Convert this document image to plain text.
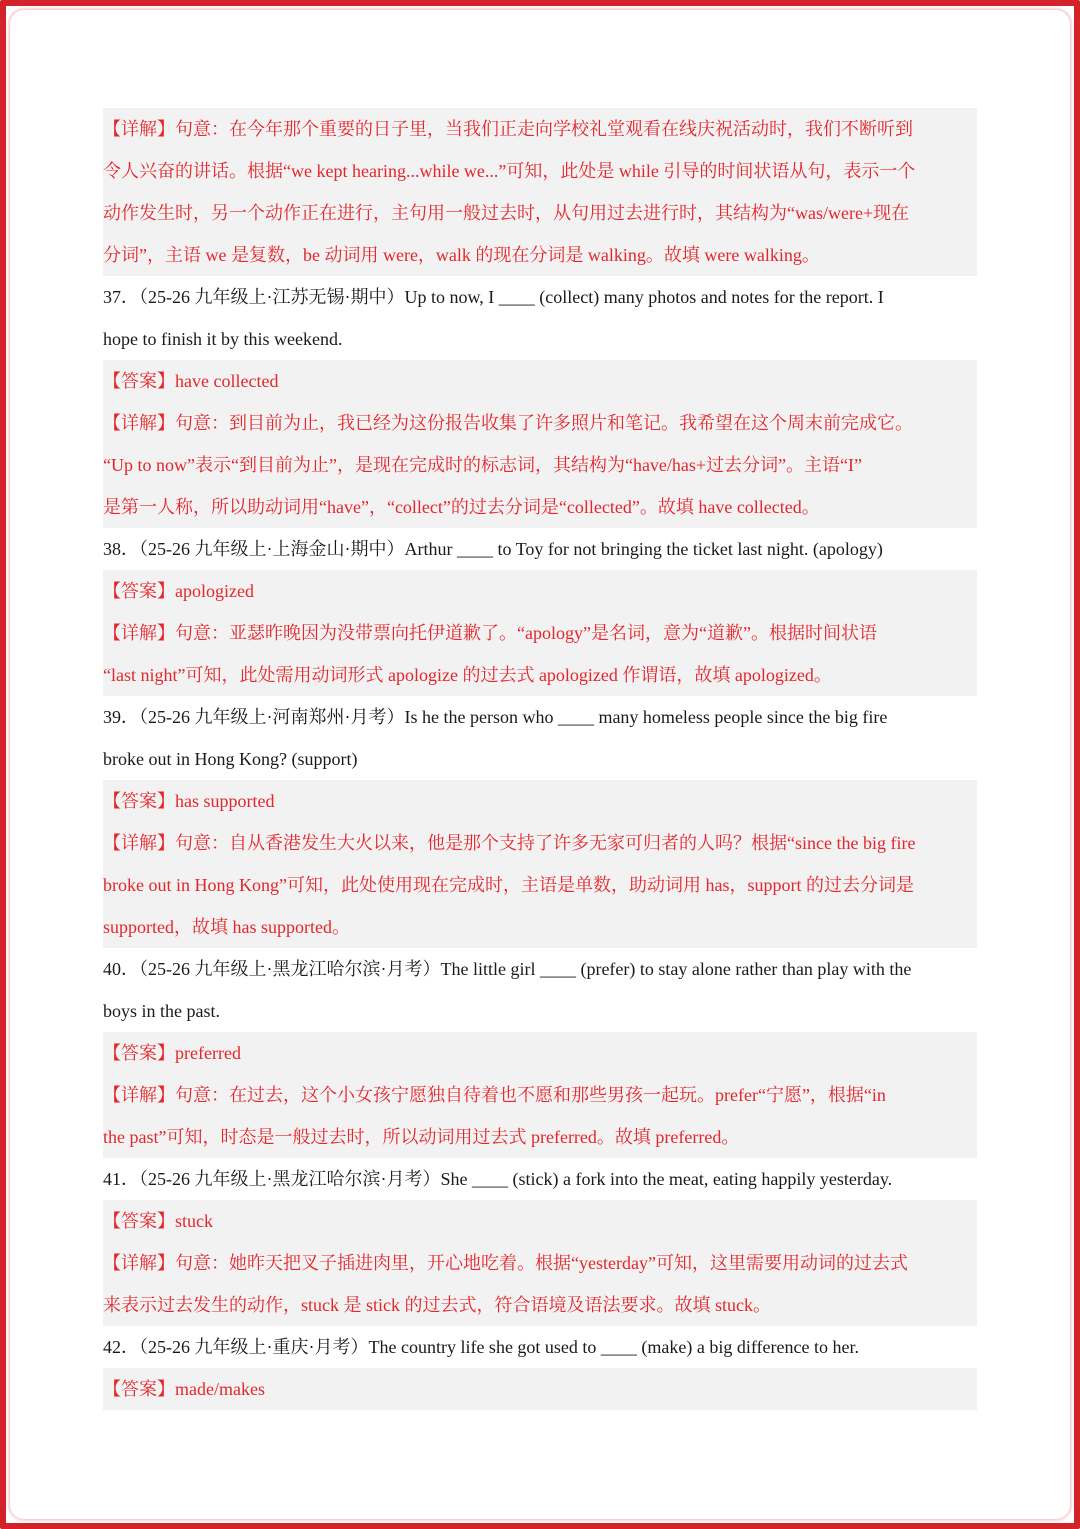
【详解】句意：在今年那个重要的日子里，当我们正走向学校礼堂观看在线庆祝活动时，我们不断听到
令人兴奋的讲话。根据“we kept hearing...while we...”可知，此处是 while 引导的时间状语从句，表示一个
动作发生时，另一个动作正在进行，主句用一般过去时，从句用过去进行时，其结构为“was/were+现在
分词”，主语 we 是复数，be 动词用 were，walk 的现在分词是 walking。故填 were walking。
37．（25-26 九年级上·江苏无锡·期中）Up to now, I ____ (collect) many photos and notes for the report. I
hope to finish it by this weekend.
【答案】have collected
【详解】句意：到目前为止，我已经为这份报告收集了许多照片和笔记。我希望在这个周末前完成它。
“Up to now”表示“到目前为止”，是现在完成时的标志词，其结构为“have/has+过去分词”。主语“I”
是第一人称，所以助动词用“have”，“collect”的过去分词是“collected”。故填 have collected。
38．（25-26 九年级上·上海金山·期中）Arthur ____ to Toy for not bringing the ticket last night. (apology)
【答案】apologized
【详解】句意：亚瑟昨晚因为没带票向托伊道歉了。“apology”是名词，意为“道歉”。根据时间状语
“last night”可知，此处需用动词形式 apologize 的过去式 apologized 作谓语，故填 apologized。
39．（25-26 九年级上·河南郑州·月考）Is he the person who ____ many homeless people since the big fire
broke out in Hong Kong? (support)
【答案】has supported
【详解】句意：自从香港发生大火以来，他是那个支持了许多无家可归者的人吗？根据“since the big fire
broke out in Hong Kong”可知，此处使用现在完成时，主语是单数，助动词用 has，support 的过去分词是
supported，故填 has supported。
40．（25-26 九年级上·黑龙江哈尔滨·月考）The little girl ____ (prefer) to stay alone rather than play with the
boys in the past.
【答案】preferred
【详解】句意：在过去，这个小女孩宁愿独自待着也不愿和那些男孩一起玩。prefer“宁愿”，根据“in
the past”可知，时态是一般过去时，所以动词用过去式 preferred。故填 preferred。
41．（25-26 九年级上·黑龙江哈尔滨·月考）She ____ (stick) a fork into the meat, eating happily yesterday.
【答案】stuck
【详解】句意：她昨天把叉子插进肉里，开心地吃着。根据“yesterday”可知，这里需要用动词的过去式
来表示过去发生的动作，stuck 是 stick 的过去式，符合语境及语法要求。故填 stuck。
42．（25-26 九年级上·重庆·月考）The country life she got used to ____ (make) a big difference to her.
【答案】made/makes
